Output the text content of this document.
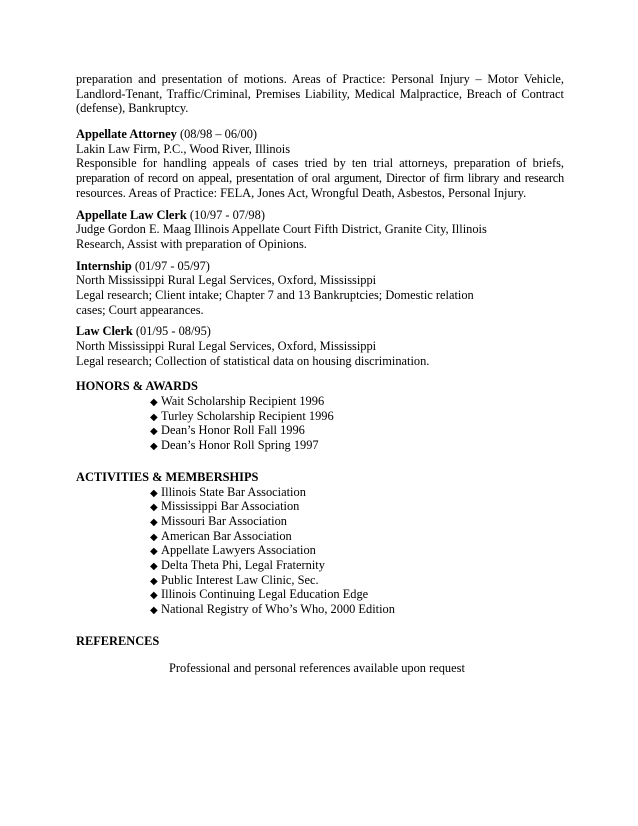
preparation and presentation of motions. Areas of Practice: Personal Injury – Motor Vehicle,
Landlord-Tenant, Traffic/Criminal, Premises Liability, Medical Malpractice, Breach of Contract
(defense), Bankruptcy.
Appellate Attorney (08/98 – 06/00)
Lakin Law Firm, P.C., Wood River, Illinois
Responsible for handling appeals of cases tried by ten trial attorneys, preparation of briefs,
preparation of record on appeal, presentation of oral argument, Director of firm library and research
resources. Areas of Practice: FELA, Jones Act, Wrongful Death, Asbestos, Personal Injury.
Appellate Law Clerk (10/97 - 07/98)
Judge Gordon E. Maag Illinois Appellate Court Fifth District, Granite City, Illinois
Research, Assist with preparation of Opinions.
Internship (01/97 - 05/97)
North Mississippi Rural Legal Services, Oxford, Mississippi
Legal research; Client intake; Chapter 7 and 13 Bankruptcies; Domestic relation
cases; Court appearances.
Law Clerk (01/95 - 08/95)
North Mississippi Rural Legal Services, Oxford, Mississippi
Legal research; Collection of statistical data on housing discrimination.
HONORS & AWARDS
◆ Wait Scholarship Recipient 1996
◆ Turley Scholarship Recipient 1996
◆ Dean’s Honor Roll Fall 1996
◆ Dean’s Honor Roll Spring 1997
ACTIVITIES & MEMBERSHIPS
◆ Illinois State Bar Association
◆ Mississippi Bar Association
◆ Missouri Bar Association
◆ American Bar Association
◆ Appellate Lawyers Association
◆ Delta Theta Phi, Legal Fraternity
◆ Public Interest Law Clinic, Sec.
◆ Illinois Continuing Legal Education Edge
◆ National Registry of Who’s Who, 2000 Edition
REFERENCES
Professional and personal references available upon request
